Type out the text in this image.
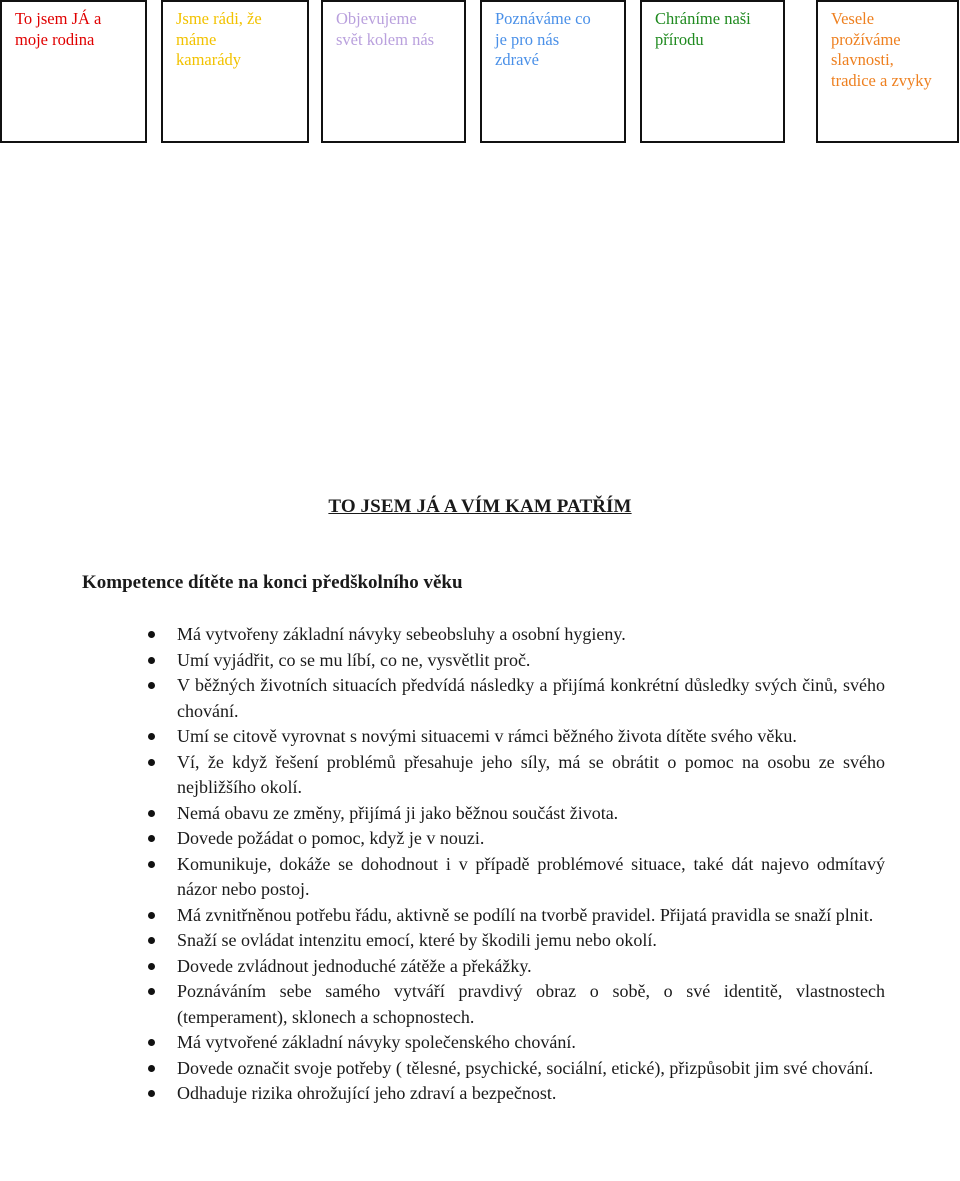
To jsem JÁ a
moje rodina
Jsme rádi, že
máme
kamarády
Objevujeme
svět kolem nás
Poznáváme co
je pro nás
zdravé
Chráníme naši
přírodu
Vesele
prožíváme
slavnosti,
tradice a zvyky
TO JSEM JÁ A VÍM KAM PATŘÍM
Kompetence dítěte na konci předškolního věku
Má vytvořeny základní návyky sebeobsluhy a osobní hygieny.
Umí vyjádřit, co se mu líbí, co ne, vysvětlit proč.
V běžných životních situacích předvídá následky a přijímá konkrétní důsledky svých činů, svého chování.
Umí se citově vyrovnat s novými situacemi v rámci běžného života dítěte svého věku.
Ví, že když řešení problémů přesahuje jeho síly, má se obrátit o pomoc na osobu ze svého nejbližšího okolí.
Nemá obavu ze změny, přijímá ji jako běžnou součást života.
Dovede požádat o pomoc, když je v nouzi.
Komunikuje, dokáže se dohodnout i v případě problémové situace, také dát najevo odmítavý názor nebo postoj.
Má zvnitřněnou potřebu řádu, aktivně se podílí na tvorbě pravidel. Přijatá pravidla se snaží plnit.
Snaží se ovládat intenzitu emocí, které by škodili jemu nebo okolí.
Dovede zvládnout jednoduché zátěže a překážky.
Poznáváním sebe samého vytváří pravdivý obraz o sobě, o své identitě, vlastnostech (temperament), sklonech a schopnostech.
Má vytvořené základní návyky společenského chování.
Dovede označit svoje potřeby ( tělesné, psychické, sociální, etické), přizpůsobit jim své chování.
Odhaduje rizika ohrožující jeho zdraví a bezpečnost.
